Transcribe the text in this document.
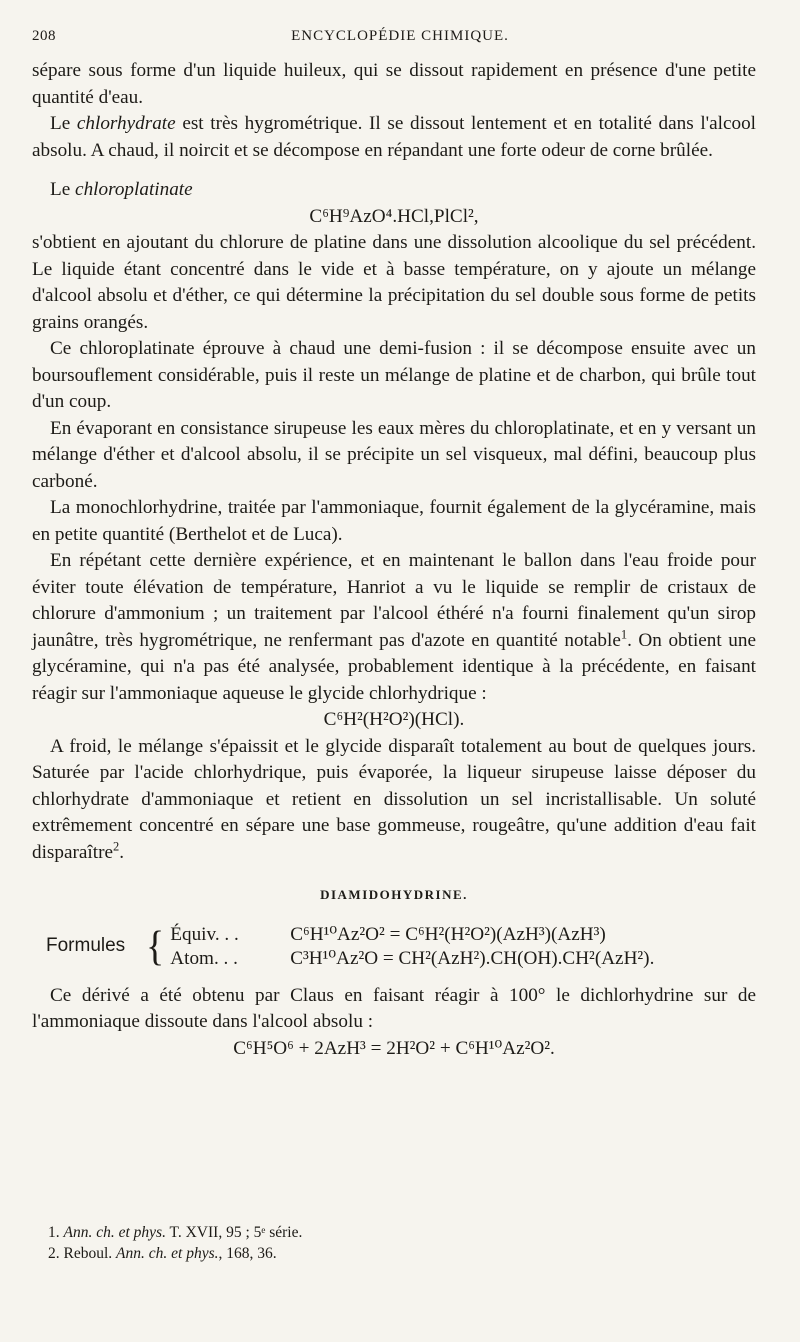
208	ENCYCLOPÉDIE CHIMIQUE.

sépare sous forme d'un liquide huileux, qui se dissout rapidement en présence d'une petite quantité d'eau.

Le chlorhydrate est très hygrométrique. Il se dissout lentement et en totalité dans l'alcool absolu. A chaud, il noircit et se décompose en répandant une forte odeur de corne brûlée.

Le chloroplatinate

C⁶H⁹AzO⁴.HCl,PlCl²,

s'obtient en ajoutant du chlorure de platine dans une dissolution alcoolique du sel précédent. Le liquide étant concentré dans le vide et à basse température, on y ajoute un mélange d'alcool absolu et d'éther, ce qui détermine la précipitation du sel double sous forme de petits grains orangés.

Ce chloroplatinate éprouve à chaud une demi-fusion : il se décompose ensuite avec un boursouflement considérable, puis il reste un mélange de platine et de charbon, qui brûle tout d'un coup.

En évaporant en consistance sirupeuse les eaux mères du chloroplatinate, et en y versant un mélange d'éther et d'alcool absolu, il se précipite un sel visqueux, mal défini, beaucoup plus carboné.

La monochlorhydrine, traitée par l'ammoniaque, fournit également de la glycéramine, mais en petite quantité (Berthelot et de Luca).

En répétant cette dernière expérience, et en maintenant le ballon dans l'eau froide pour éviter toute élévation de température, Hanriot a vu le liquide se remplir de cristaux de chlorure d'ammonium ; un traitement par l'alcool éthéré n'a fourni finalement qu'un sirop jaunâtre, très hygrométrique, ne renfermant pas d'azote en quantité notable$^1$. On obtient une glycéramine, qui n'a pas été analysée, probablement identique à la précédente, en faisant réagir sur l'ammoniaque aqueuse le glycide chlorhydrique :

C⁶H²(H²O²)(HCl).

A froid, le mélange s'épaissit et le glycide disparaît totalement au bout de quelques jours. Saturée par l'acide chlorhydrique, puis évaporée, la liqueur sirupeuse laisse déposer du chlorhydrate d'ammoniaque et retient en dissolution un sel incristallisable. Un soluté extrêmement concentré en sépare une base gommeuse, rougeâtre, qu'une addition d'eau fait disparaître$^2$.

DIAMIDOHYDRINE.

Formules { Équiv. . .	C⁶H¹⁰Az²O² = C⁶H²(H²O²)(AzH³)(AzH³)
Atom. . .	C³H¹⁰Az²O = CH²(AzH²).CH(OH).CH²(AzH²).

Ce dérivé a été obtenu par Claus en faisant réagir à 100° le dichlorhydrine sur de l'ammoniaque dissoute dans l'alcool absolu :

C⁶H⁵O⁶ + 2AzH³ = 2H²O² + C⁶H¹⁰Az²O².

1. Ann. ch. et phys. T. XVII, 95 ; 5ᵉ série.

2. Reboul. Ann. ch. et phys., 168, 36.
